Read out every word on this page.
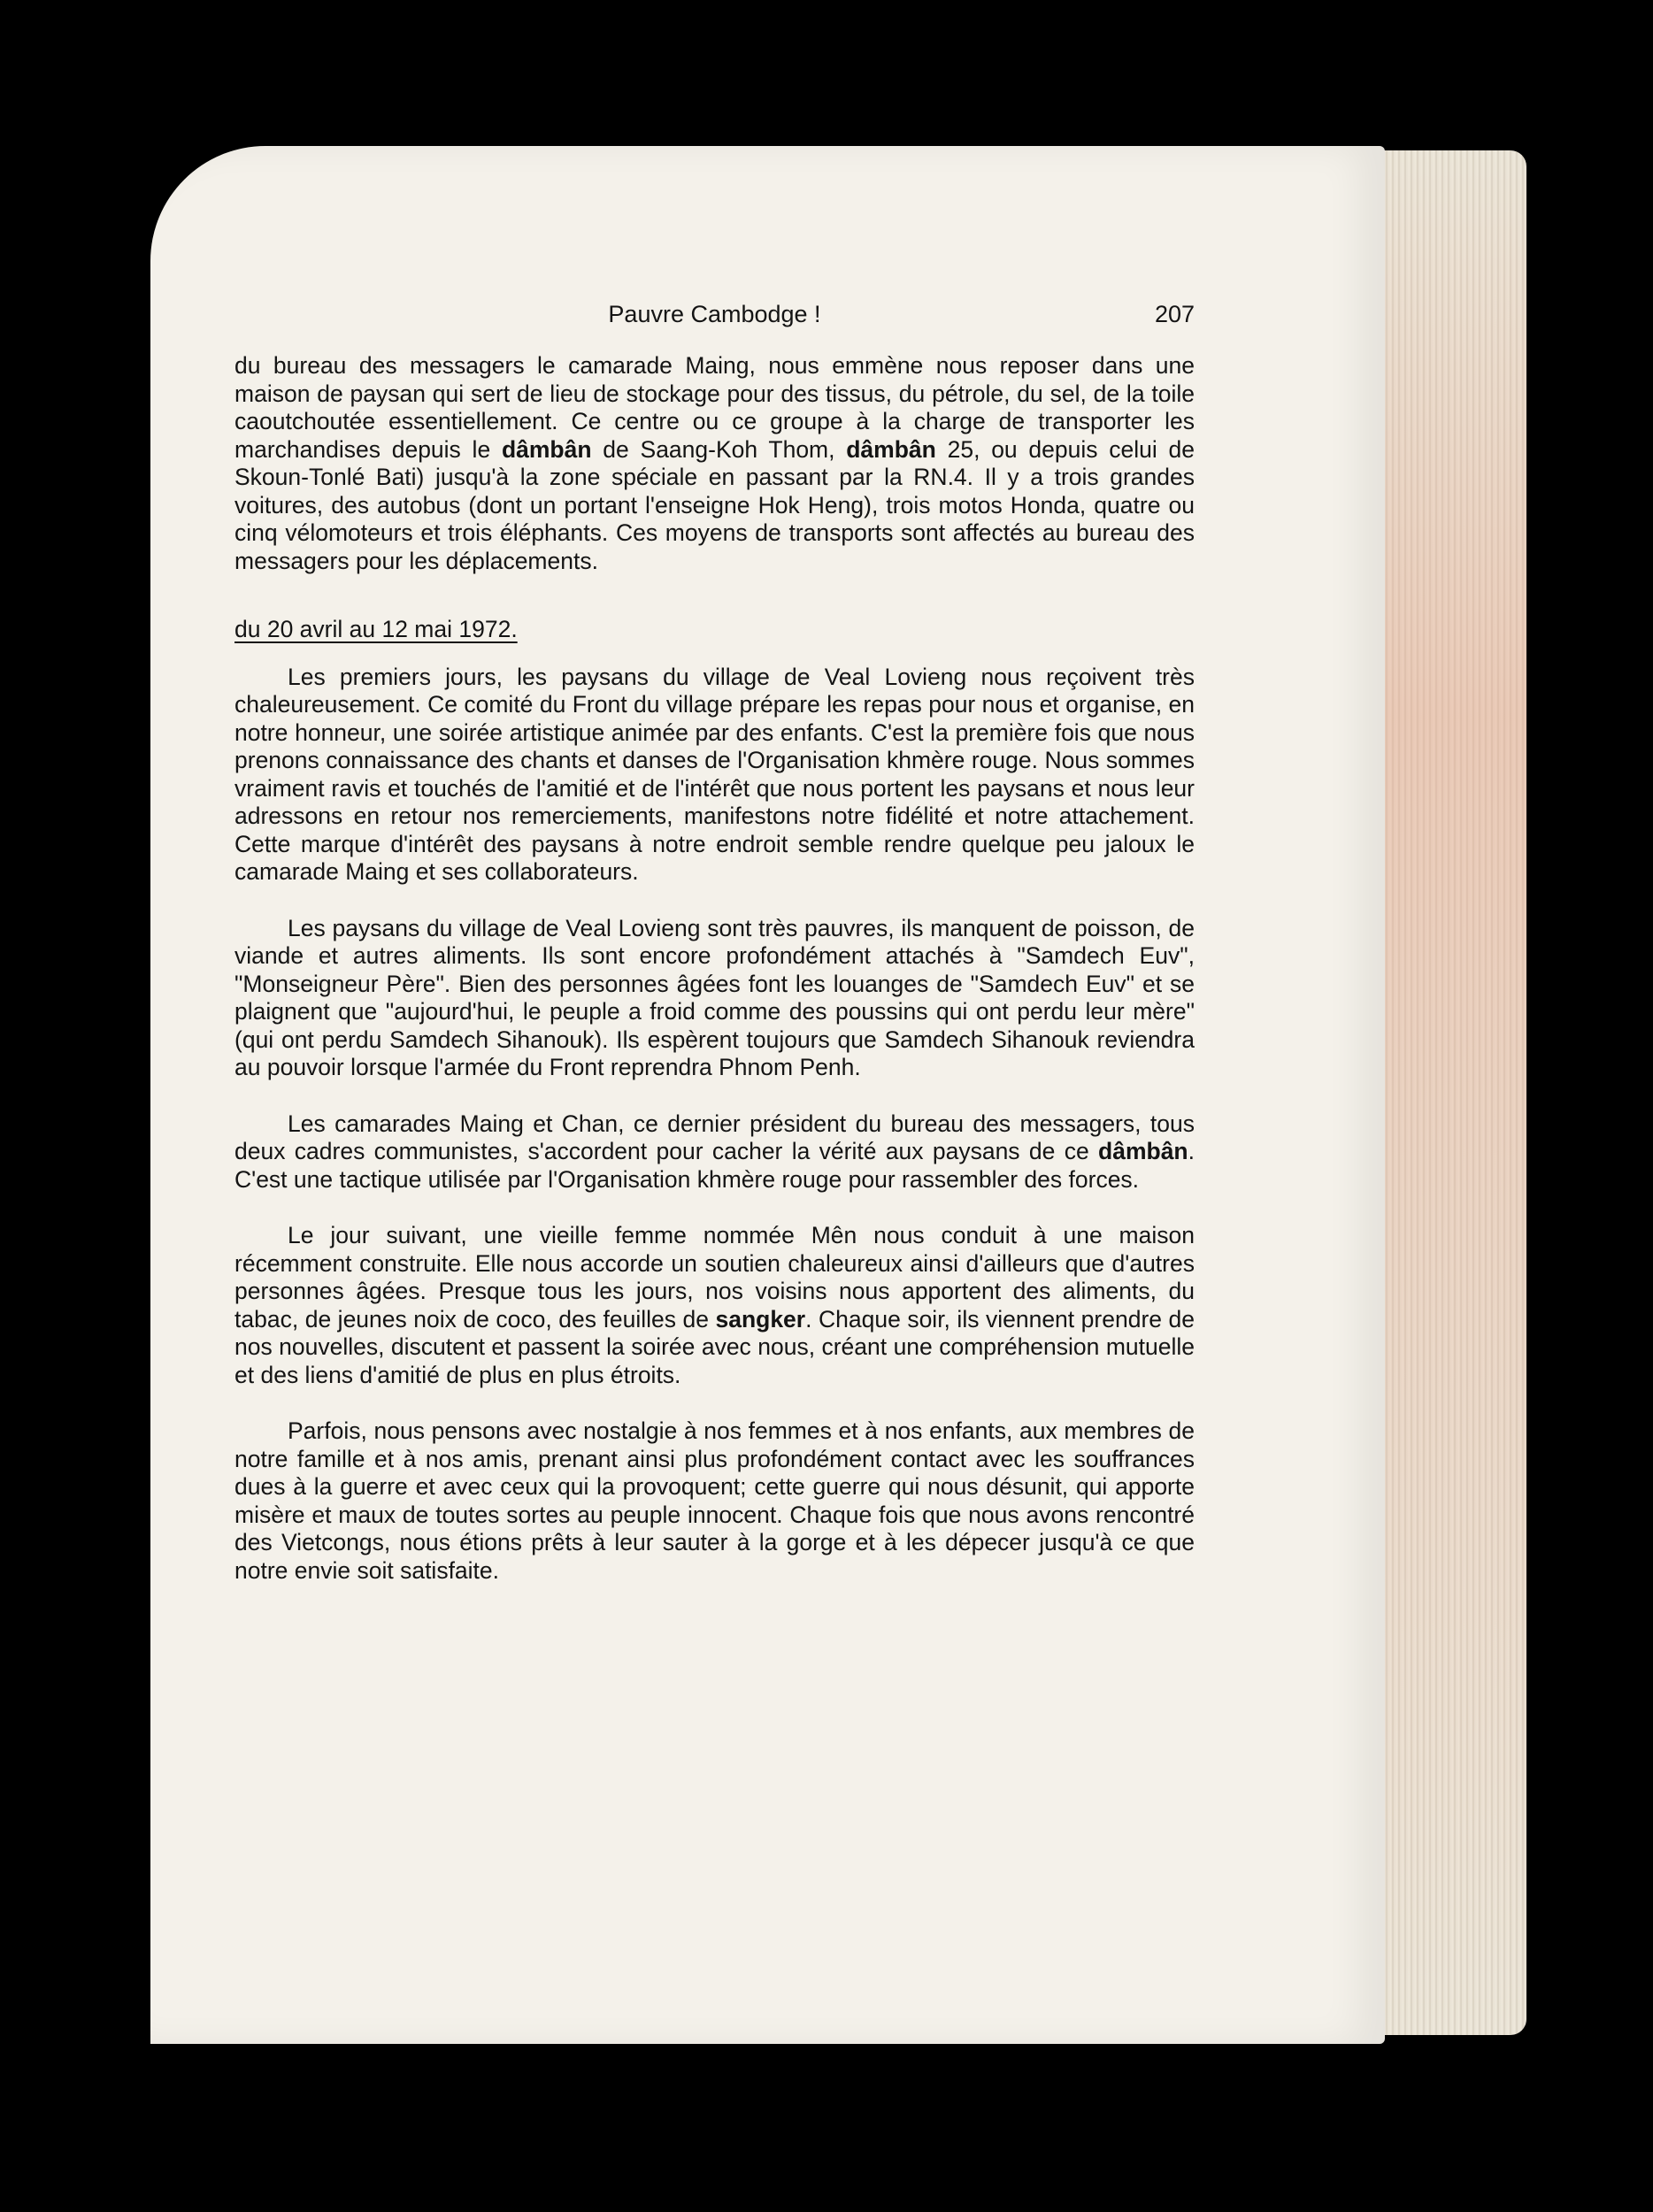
Pauvre Cambodge !	207

du bureau des messagers le camarade Maing, nous emmène nous reposer dans une maison de paysan qui sert de lieu de stockage pour des tissus, du pétrole, du sel, de la toile caoutchoutée essentiellement. Ce centre ou ce groupe à la charge de transporter les marchandises depuis le dâmbân de Saang-Koh Thom, dâmbân 25, ou depuis celui de Skoun-Tonlé Bati) jusqu'à la zone spéciale en passant par la RN.4. Il y a trois grandes voitures, des autobus (dont un portant l'enseigne Hok Heng), trois motos Honda, quatre ou cinq vélomoteurs et trois éléphants. Ces moyens de transports sont affectés au bureau des messagers pour les déplacements.

du 20 avril au 12 mai 1972.

Les premiers jours, les paysans du village de Veal Lovieng nous reçoivent très chaleureusement. Ce comité du Front du village prépare les repas pour nous et organise, en notre honneur, une soirée artistique animée par des enfants. C'est la première fois que nous prenons connaissance des chants et danses de l'Organisation khmère rouge. Nous sommes vraiment ravis et touchés de l'amitié et de l'intérêt que nous portent les paysans et nous leur adressons en retour nos remerciements, manifestons notre fidélité et notre attachement. Cette marque d'intérêt des paysans à notre endroit semble rendre quelque peu jaloux le camarade Maing et ses collaborateurs.

Les paysans du village de Veal Lovieng sont très pauvres, ils manquent de poisson, de viande et autres aliments. Ils sont encore profondément attachés à "Samdech Euv", "Monseigneur Père". Bien des personnes âgées font les louanges de "Samdech Euv" et se plaignent que "aujourd'hui, le peuple a froid comme des poussins qui ont perdu leur mère" (qui ont perdu Samdech Sihanouk). Ils espèrent toujours que Samdech Sihanouk reviendra au pouvoir lorsque l'armée du Front reprendra Phnom Penh.

Les camarades Maing et Chan, ce dernier président du bureau des messagers, tous deux cadres communistes, s'accordent pour cacher la vérité aux paysans de ce dâmbân. C'est une tactique utilisée par l'Organisation khmère rouge pour rassembler des forces.

Le jour suivant, une vieille femme nommée Mên nous conduit à une maison récemment construite. Elle nous accorde un soutien chaleureux ainsi d'ailleurs que d'autres personnes âgées. Presque tous les jours, nos voisins nous apportent des aliments, du tabac, de jeunes noix de coco, des feuilles de sangker. Chaque soir, ils viennent prendre de nos nouvelles, discutent et passent la soirée avec nous, créant une compréhension mutuelle et des liens d'amitié de plus en plus étroits.

Parfois, nous pensons avec nostalgie à nos femmes et à nos enfants, aux membres de notre famille et à nos amis, prenant ainsi plus profondément contact avec les souffrances dues à la guerre et avec ceux qui la provoquent; cette guerre qui nous désunit, qui apporte misère et maux de toutes sortes au peuple innocent. Chaque fois que nous avons rencontré des Vietcongs, nous étions prêts à leur sauter à la gorge et à les dépecer jusqu'à ce que notre envie soit satisfaite.
